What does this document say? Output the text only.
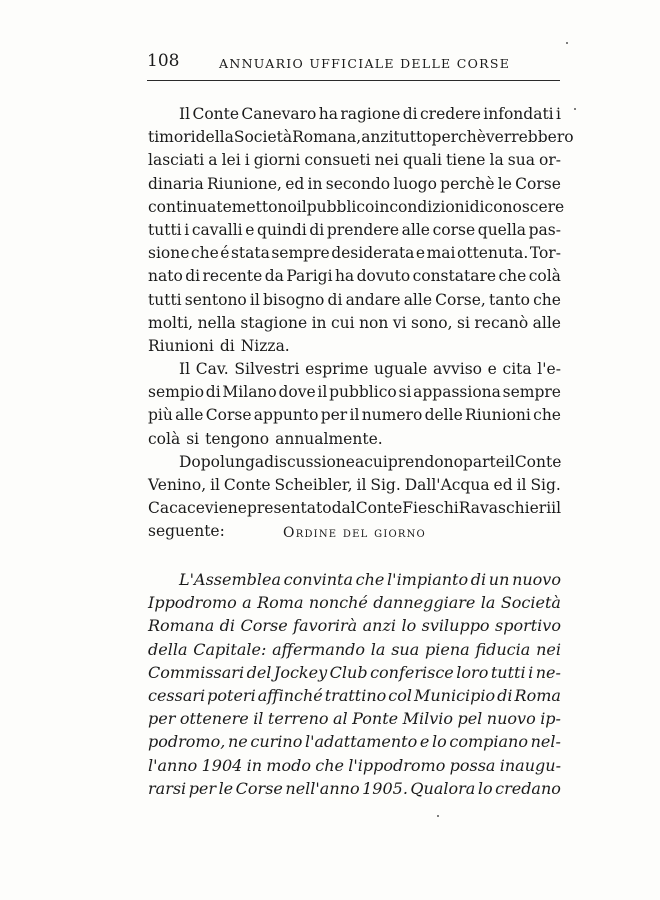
108	ANNUARIO UFFICIALE DELLE CORSE
Il Conte Canevaro ha ragione di credere infondati i
timori della Società Romana, anzitutto perchè verrebbero
lasciati a lei i giorni consueti nei quali tiene la sua or-
dinaria Riunione, ed in secondo luogo perchè le Corse
continuate mettono il pubblico in condizioni di conoscere
tutti i cavalli e quindi di prendere alle corse quella pas-
sione che é stata sempre desiderata e mai ottenuta. Tor-
nato di recente da Parigi ha dovuto constatare che colà
tutti sentono il bisogno di andare alle Corse, tanto che
molti, nella stagione in cui non vi sono, si recanò alle
Riunioni di Nizza.
Il Cav. Silvestri esprime uguale avviso e cita l'e-
sempio di Milano dove il pubblico si appassiona sempre
più alle Corse appunto per il numero delle Riunioni che
colà si tengono annualmente.
Dopo lunga discussione a cui prendono parte il Conte
Venino, il Conte Scheibler, il Sig. Dall'Acqua ed il Sig.
Cacace viene presentato dal Conte Fieschi Ravaschieri il
seguente:	Ordine del giorno
L'Assemblea convinta che l'impianto di un nuovo
Ippodromo a Roma nonché danneggiare la Società
Romana di Corse favorirà anzi lo sviluppo sportivo
della Capitale: affermando la sua piena fiducia nei
Commissari del Jockey Club conferisce loro tutti i ne-
cessari poteri affinché trattino col Municipio di Roma
per ottenere il terreno al Ponte Milvio pel nuovo ip-
podromo, ne curino l'adattamento e lo compiano nel-
l'anno 1904 in modo che l'ippodromo possa inaugu-
rarsi per le Corse nell'anno 1905. Qualora lo credano
